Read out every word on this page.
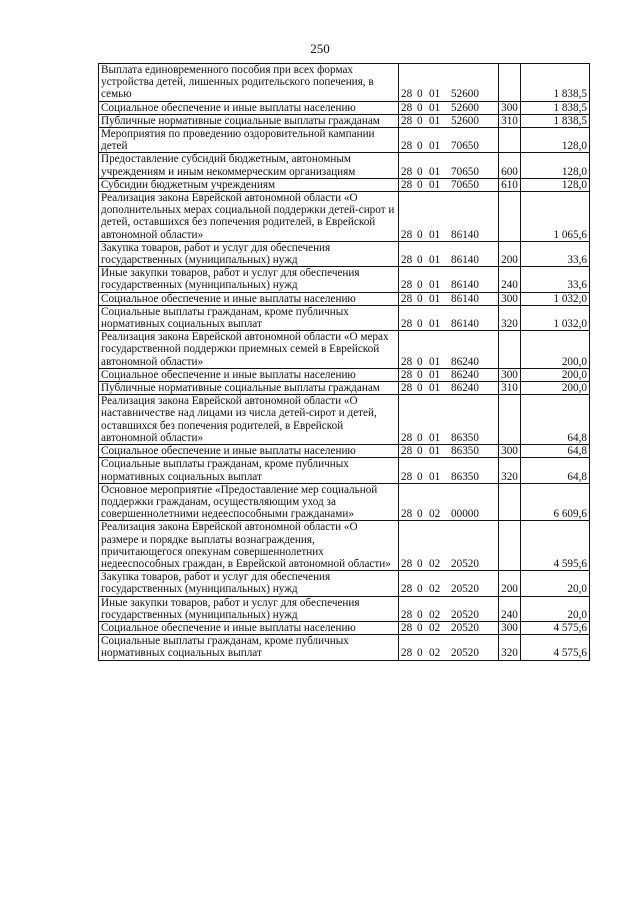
250
Выплата единовременного пособия при всех формах устройства детей, лишенных родительского попечения, в семью	28 0 01 52600		1 838,5
Социальное обеспечение и иные выплаты населению	28 0 01 52600	300	1 838,5
Публичные нормативные социальные выплаты гражданам	28 0 01 52600	310	1 838,5
Мероприятия по проведению оздоровительной кампании детей	28 0 01 70650		128,0
Предоставление субсидий бюджетным, автономным учреждениям и иным некоммерческим организациям	28 0 01 70650	600	128,0
Субсидии бюджетным учреждениям	28 0 01 70650	610	128,0
Реализация закона Еврейской автономной области «О дополнительных мерах социальной поддержки детей-сирот и детей, оставшихся без попечения родителей, в Еврейской автономной области»	28 0 01 86140		1 065,6
Закупка товаров, работ и услуг для обеспечения государственных (муниципальных) нужд	28 0 01 86140	200	33,6
Иные закупки товаров, работ и услуг для обеспечения государственных (муниципальных) нужд	28 0 01 86140	240	33,6
Социальное обеспечение и иные выплаты населению	28 0 01 86140	300	1 032,0
Социальные выплаты гражданам, кроме публичных нормативных социальных выплат	28 0 01 86140	320	1 032,0
Реализация закона Еврейской автономной области «О мерах государственной поддержки приемных семей в Еврейской автономной области»	28 0 01 86240		200,0
Социальное обеспечение и иные выплаты населению	28 0 01 86240	300	200,0
Публичные нормативные социальные выплаты гражданам	28 0 01 86240	310	200,0
Реализация закона Еврейской автономной области «О наставничестве над лицами из числа детей-сирот и детей, оставшихся без попечения родителей, в Еврейской автономной области»	28 0 01 86350		64,8
Социальное обеспечение и иные выплаты населению	28 0 01 86350	300	64,8
Социальные выплаты гражданам, кроме публичных нормативных социальных выплат	28 0 01 86350	320	64,8
Основное мероприятие «Предоставление мер социальной поддержки гражданам, осуществляющим уход за совершеннолетними недееспособными гражданами»	28 0 02 00000		6 609,6
Реализация закона Еврейской автономной области «О размере и порядке выплаты вознаграждения, причитающегося опекунам совершеннолетних недееспособных граждан, в Еврейской автономной области»	28 0 02 20520		4 595,6
Закупка товаров, работ и услуг для обеспечения государственных (муниципальных) нужд	28 0 02 20520	200	20,0
Иные закупки товаров, работ и услуг для обеспечения государственных (муниципальных) нужд	28 0 02 20520	240	20,0
Социальное обеспечение и иные выплаты населению	28 0 02 20520	300	4 575,6
Социальные выплаты гражданам, кроме публичных нормативных социальных выплат	28 0 02 20520	320	4 575,6
